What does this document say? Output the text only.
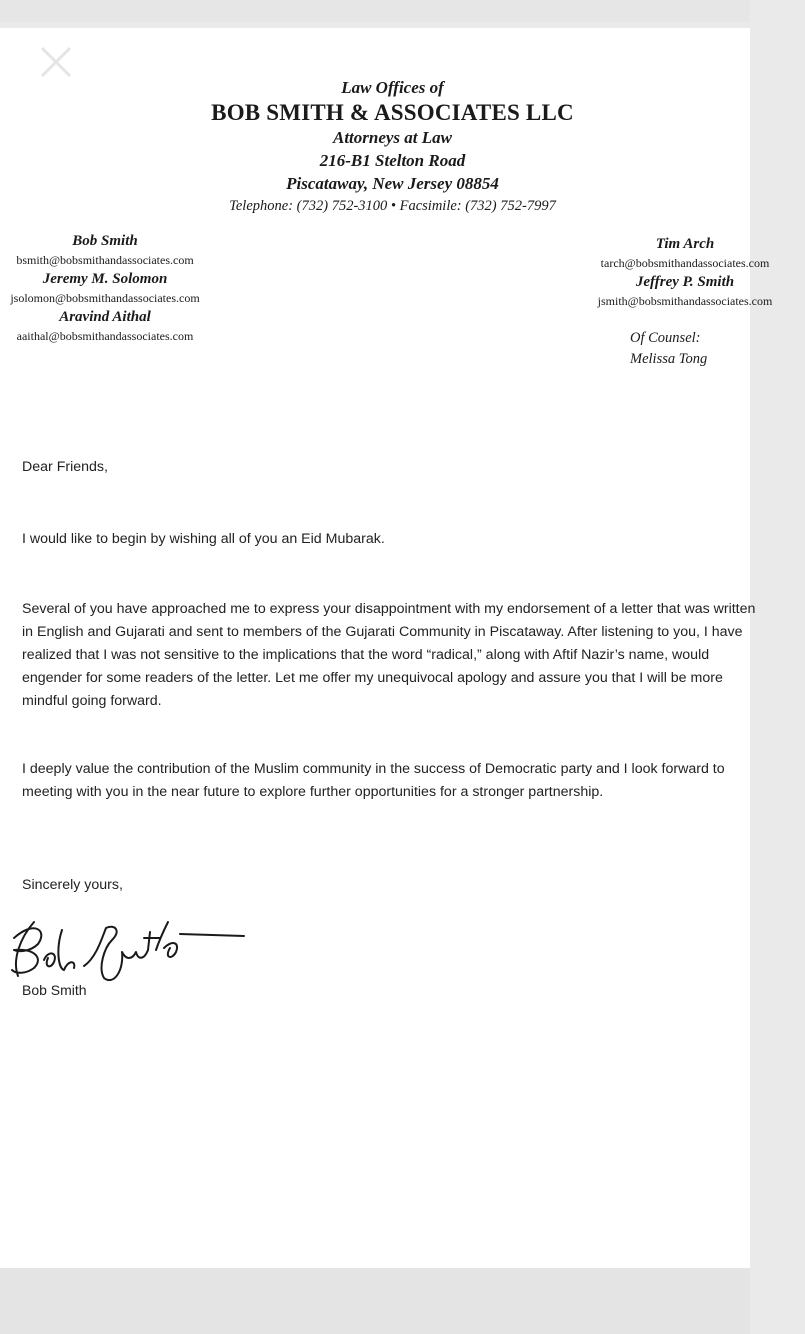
Law Offices of
BOB SMITH & ASSOCIATES LLC
Attorneys at Law
216-B1 Stelton Road
Piscataway, New Jersey 08854
Telephone: (732) 752-3100 • Facsimile: (732) 752-7997
Bob Smith
bsmith@bobsmithandassociates.com
Jeremy M. Solomon
jsolomon@bobsmithandassociates.com
Aravind Aithal
aaithal@bobsmithandassociates.com
Tim Arch
tarch@bobsmithandassociates.com
Jeffrey P. Smith
jsmith@bobsmithandassociates.com
Of Counsel:
Melissa Tong
Dear Friends,

I would like to begin by wishing all of you an Eid Mubarak.

Several of you have approached me to express your disappointment with my endorsement of a letter that was written in English and Gujarati and sent to members of the Gujarati Community in Piscataway. After listening to you, I have realized that I was not sensitive to the implications that the word “radical,” along with Aftif Nazir’s name, would engender for some readers of the letter. Let me offer my unequivocal apology and assure you that I will be more mindful going forward.

I deeply value the contribution of the Muslim community in the success of Democratic party and I look forward to meeting with you in the near future to explore further opportunities for a stronger partnership.

Sincerely yours,
Bob Smith
